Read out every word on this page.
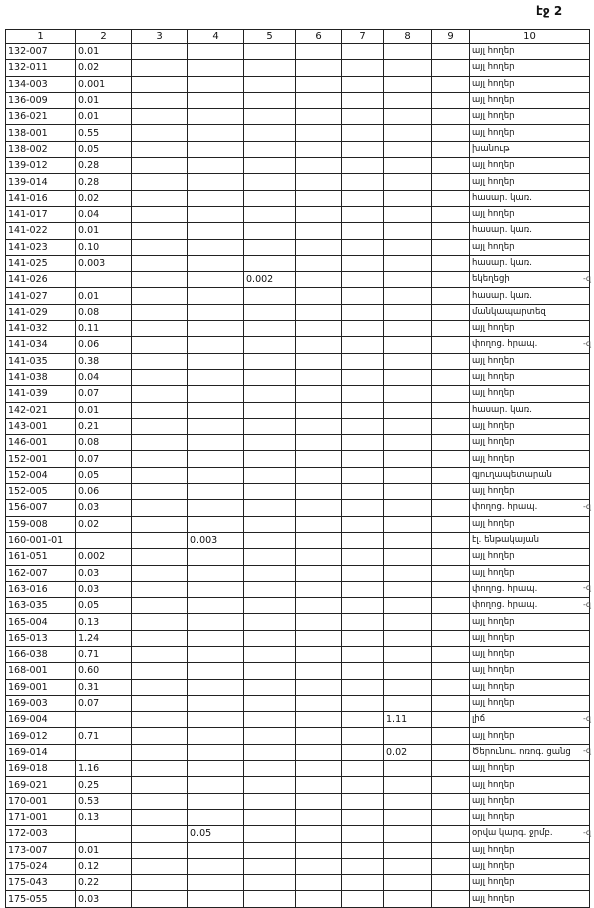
էջ 2
1	2	3	4	5	6	7	8	9	10
132-007	0.01								այլ հողեր
132-011	0.02								այլ հողեր
134-003	0.001								այլ հողեր
136-009	0.01								այլ հողեր
136-021	0.01								այլ հողեր
138-001	0.55								այլ հողեր
138-002	0.05								խանութ
139-012	0.28								այլ հողեր
139-014	0.28								այլ հողեր
141-016	0.02								հասար. կառ.
141-017	0.04								այլ հողեր
141-022	0.01								հասար. կառ.
141-023	0.10								այլ հողեր
141-025	0.003								հասար. կառ.
141-026				0.002					եկեղեցի
141-027	0.01								հասար. կառ.
141-029	0.08								մանկապարտեզ
141-032	0.11								այլ հողեր
141-034	0.06								փողոց. հրապ.
141-035	0.38								այլ հողեր
141-038	0.04								այլ հողեր
141-039	0.07								այլ հողեր
142-021	0.01								հասար. կառ.
143-001	0.21								այլ հողեր
146-001	0.08								այլ հողեր
152-001	0.07								այլ հողեր
152-004	0.05								գյուղապետարան
152-005	0.06								այլ հողեր
156-007	0.03								փողոց. հրապ.
159-008	0.02								այլ հողեր
160-001-01			0.003						էլ. ենթակայան
161-051	0.002								այլ հողեր
162-007	0.03								այլ հողեր
163-016	0.03								փողոց. հրապ.
163-035	0.05								փողոց. հրապ.
165-004	0.13								այլ հողեր
165-013	1.24								այլ հողեր
166-038	0.71								այլ հողեր
168-001	0.60								այլ հողեր
169-001	0.31								այլ հողեր
169-003	0.07								այլ հողեր
169-004							1.11		լիճ
169-012	0.71								այլ հողեր
169-014							0.02		Ծերունու. ոռոգ. ցանց
169-018	1.16								այլ հողեր
169-021	0.25								այլ հողեր
170-001	0.53								այլ հողեր
171-001	0.13								այլ հողեր
172-003			0.05						օրվա կարգ. ջրմբ.
173-007	0.01								այլ հողեր
175-024	0.12								այլ հողեր
175-043	0.22								այլ հողեր
175-055	0.03								այլ հողեր
-զ
-զ
-զ
-զ
-զ
-զ
-զ
-զ
